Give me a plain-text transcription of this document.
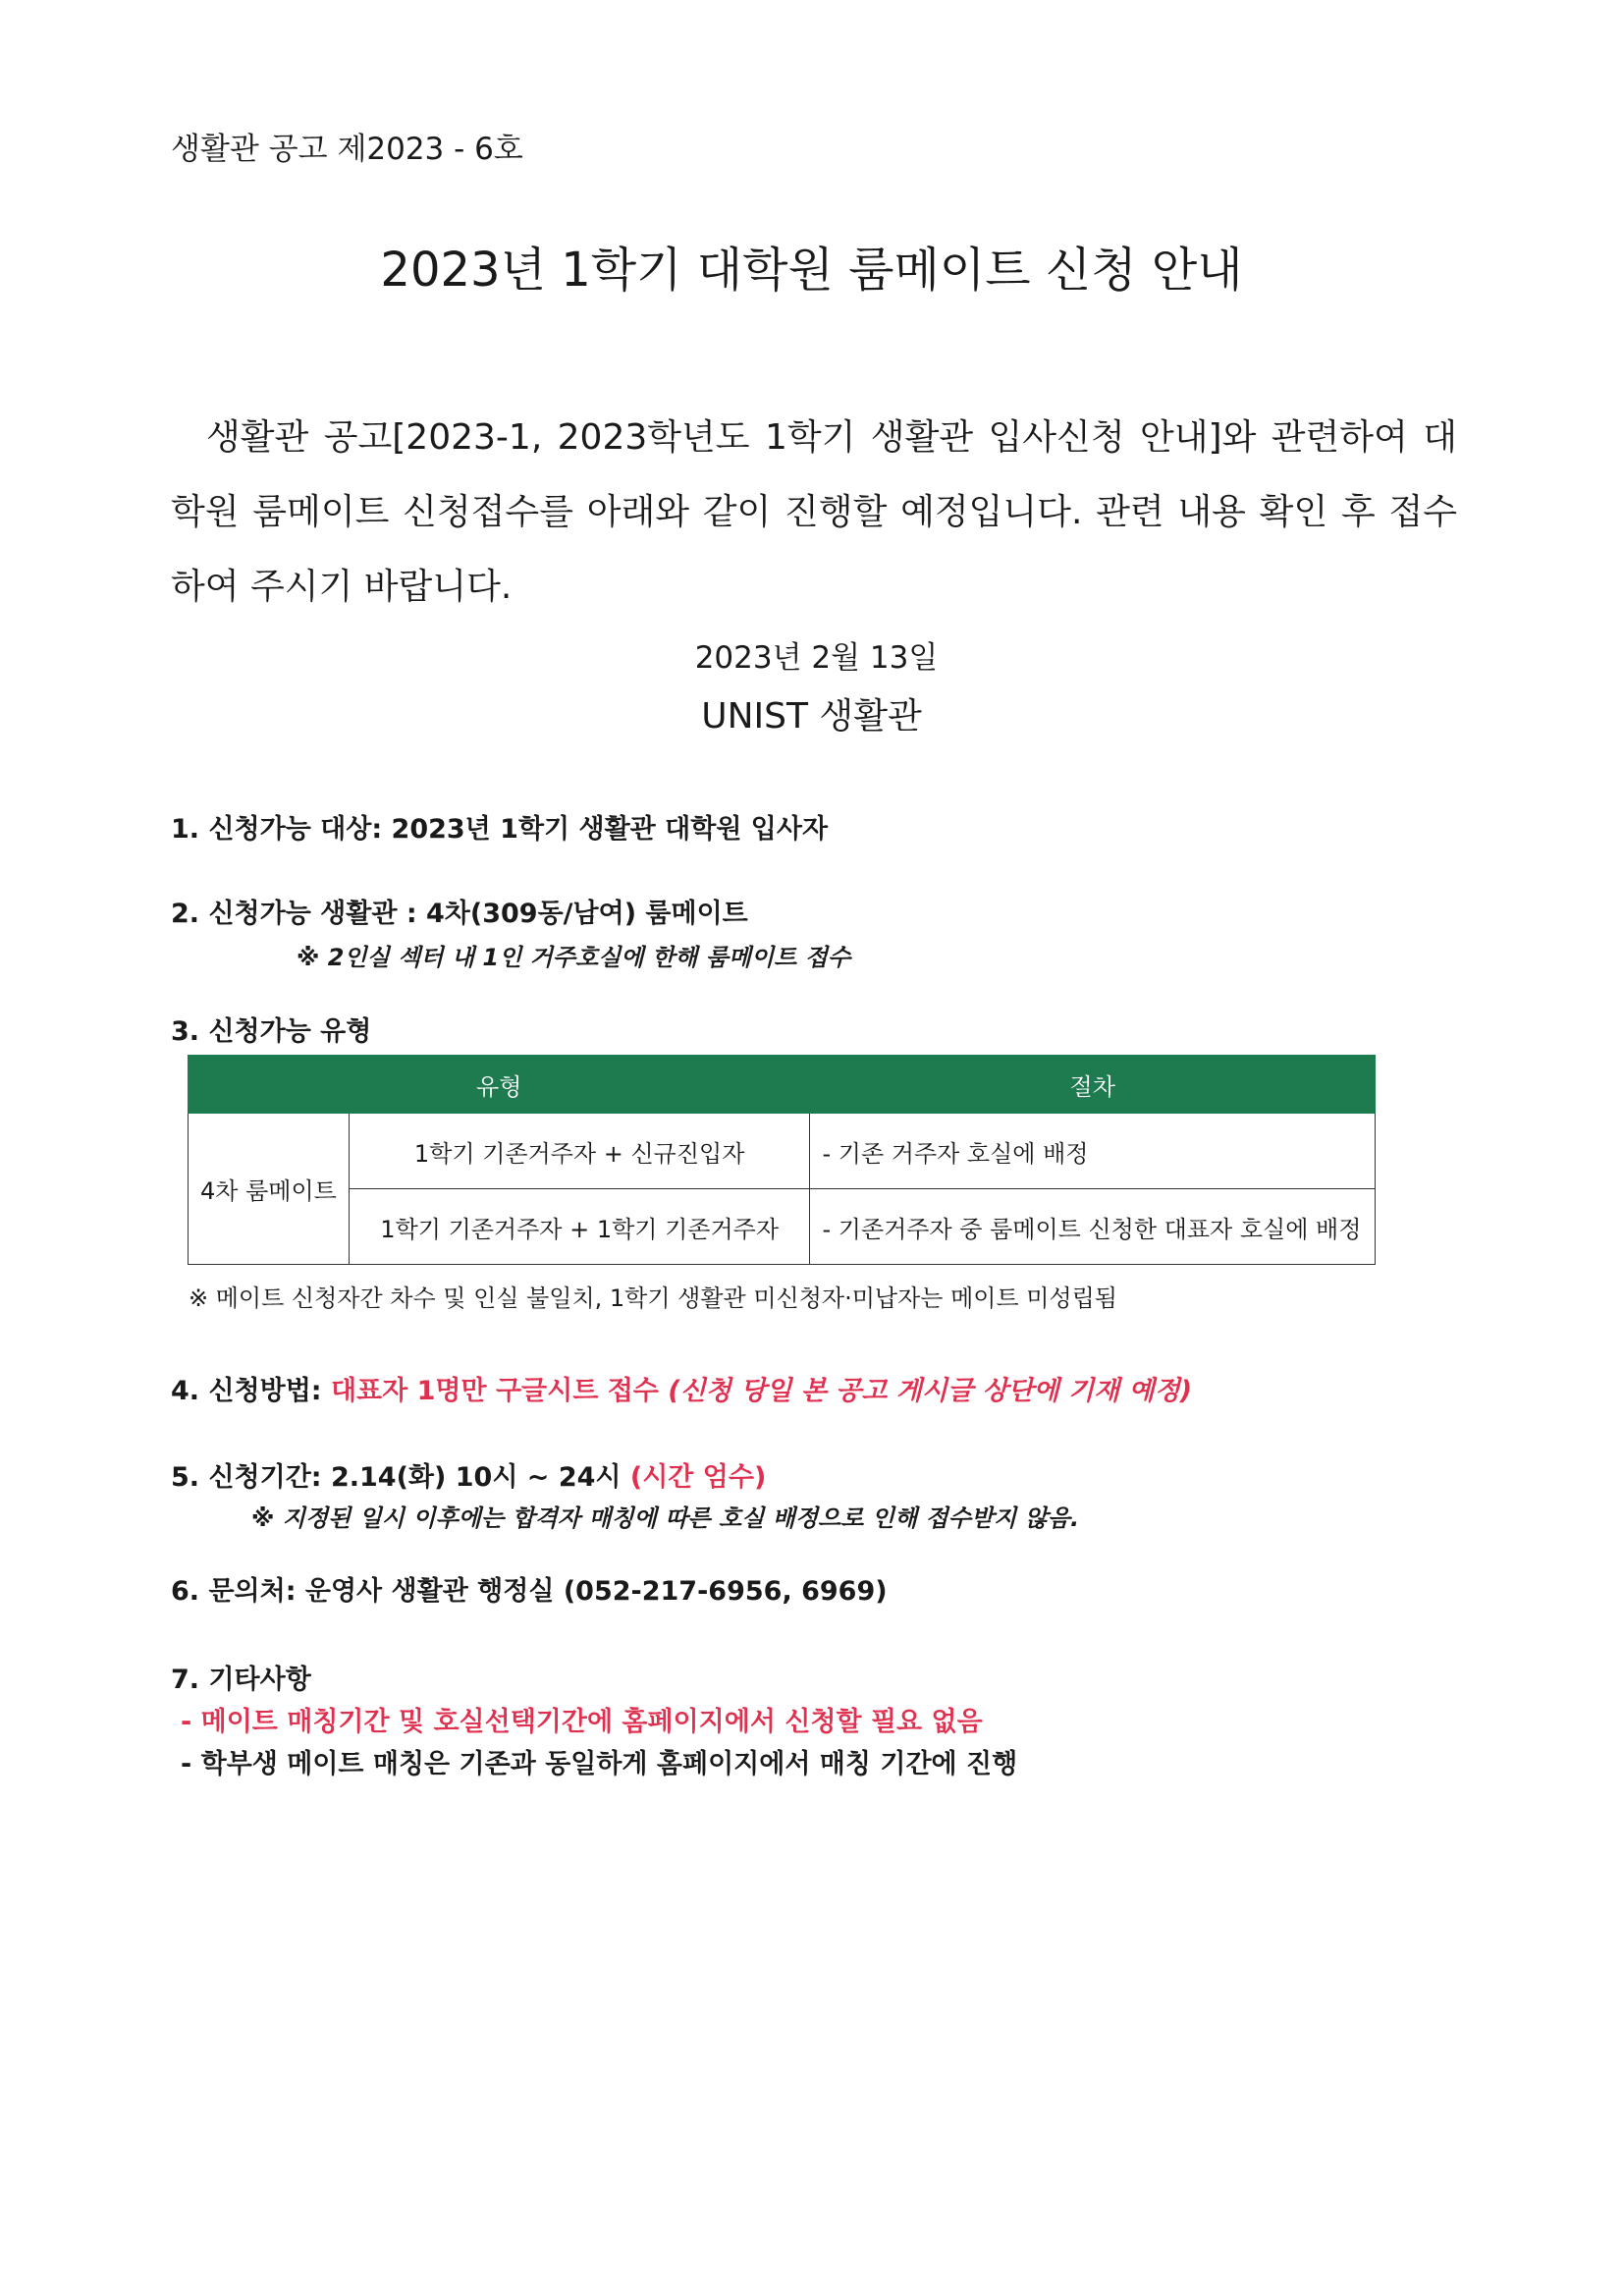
생활관 공고 제2023 - 6호
2023년 1학기 대학원 룸메이트 신청 안내
생활관 공고[2023-1, 2023학년도 1학기 생활관 입사신청 안내]와 관련하여 대학원 룸메이트 신청접수를 아래와 같이 진행할 예정입니다. 관련 내용 확인 후 접수하여 주시기 바랍니다.
2023년 2월 13일
UNIST 생활관
1. 신청가능 대상: 2023년 1학기 생활관 대학원 입사자
2. 신청가능 생활관 : 4차(309동/남여) 룸메이트
※ 2인실 섹터 내 1인 거주호실에 한해 룸메이트 접수
3. 신청가능 유형
유형		절차
4차 룸메이트	1학기 기존거주자 + 신규진입자	- 기존 거주자 호실에 배정
	1학기 기존거주자 + 1학기 기존거주자	- 기존거주자 중 룸메이트 신청한 대표자 호실에 배정
※ 메이트 신청자간 차수 및 인실 불일치, 1학기 생활관 미신청자·미납자는 메이트 미성립됨
4. 신청방법: 대표자 1명만 구글시트 접수 (신청 당일 본 공고 게시글 상단에 기재 예정)
5. 신청기간: 2.14(화) 10시 ~ 24시 (시간 엄수)
※ 지정된 일시 이후에는 합격자 매칭에 따른 호실 배정으로 인해 접수받지 않음.
6. 문의처: 운영사 생활관 행정실 (052-217-6956, 6969)
7. 기타사항
- 메이트 매칭기간 및 호실선택기간에 홈페이지에서 신청할 필요 없음
- 학부생 메이트 매칭은 기존과 동일하게 홈페이지에서 매칭 기간에 진행
